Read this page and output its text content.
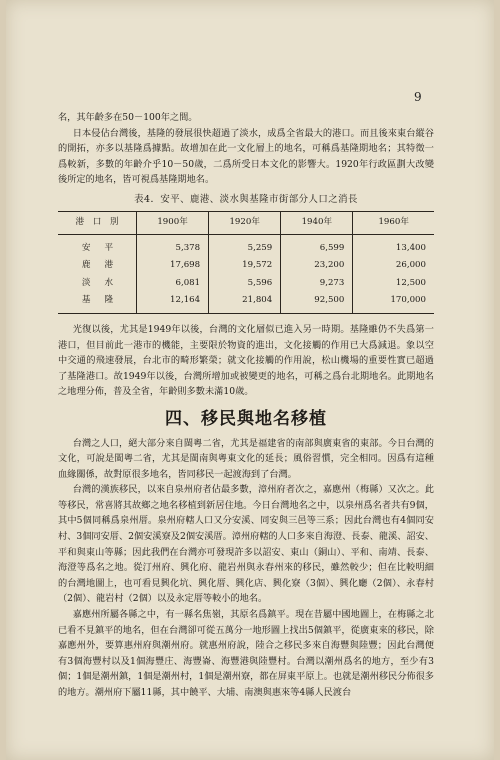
9

名，其年齡多在50－100年之間。

日本侵佔台灣後，基隆的發展很快超過了淡水，成爲全省最大的港口。而且後來東台縱谷的開拓，亦多以基隆爲據點。故增加在此一文化層上的地名，可稱爲基隆期地名；其特徵一爲較新，多數的年齡介乎10－50歲，二爲所受日本文化的影響大。1920年行政區劃大改變後所定的地名，皆可視爲基隆期地名。

表4．安平、鹿港、淡水與基隆市街部分人口之消長
港　口　別	1900年	1920年	1940年	1960年
安平	5,378	5,259	6,599	13,400
鹿港	17,698	19,572	23,200	26,000
淡水	6,081	5,596	9,273	12,500
基隆	12,164	21,804	92,500	170,000

光復以後，尤其是1949年以後，台灣的文化層似已進入另一時期。基隆雖仍不失爲第一港口，但目前此一港市的機能，主要限於物資的進出，文化接觸的作用已大爲減退。象以空中交通的飛速發展，台北市的畸形繁榮；就文化接觸的作用說，松山機場的重要性實已超過了基隆港口。故1949年以後，台灣所增加或被變更的地名，可稱之爲台北期地名。此期地名之地理分佈，普及全省，年齡則多數未滿10歲。

四、移民與地名移植

台灣之人口，絕大部分來自閩粵二省，尤其是福建省的南部與廣東省的東部。今日台灣的文化，可說是閩粵二省，尤其是閩南與粵東文化的延長；風俗習慣，完全相同。因爲有這種血緣關係，故對原很多地名，皆同移民一起渡海到了台灣。

台灣的漢族移民，以來自泉州府者佔最多數，漳州府者次之，嘉應州（梅縣）又次之。此等移民，常喜將其故鄉之地名移植到新居住地。今日台灣地名之中，以泉州爲名者共有9個，其中5個同稱爲泉州厝。泉州府轄人口又分安溪、同安與三邑等三系；因此台灣也有4個同安村、3個同安厝、2個安溪寮及2個安溪厝。漳州府轄的人口多來自海澄、長泰、龍溪、詔安、平和與東山等縣；因此我們在台灣亦可發現許多以詔安、東山（銅山）、平和、南靖、長泰、海澄等爲名之地。從汀州府、興化府、龍岩州與永春州來的移民，雖然較少；但在比較明細的台灣地圖上，也可看見興化坑、興化厝、興化店、興化寮（3個）、興化廳（2個）、永春村（2個）、龍岩村（2個）以及永定厝等較小的地名。

嘉應州所屬各縣之中，有一縣名焦嶺，其原名爲鎮平。現在昔屬中國地圖上，在梅縣之北已看不見鎮平的地名，但在台灣卻可從五萬分一地形圖上找出5個鎮平，從廣東來的移民，除嘉應州外，要算惠州府與潮州府。就惠州府說，陸合之移民多來自海豐與陸豐；因此台灣便有3個海豐村以及1個海豐庄、海豐崙、海豐港與陸豐村。台灣以潮州爲名的地方，至少有3個；1個是潮州鎮，1個是潮州村，1個是潮州寮，都在屏東平原上。也就是潮州移民分佈很多的地方。潮州府下屬11縣，其中饒平、大埔、南澳與惠來等4縣人民渡台
